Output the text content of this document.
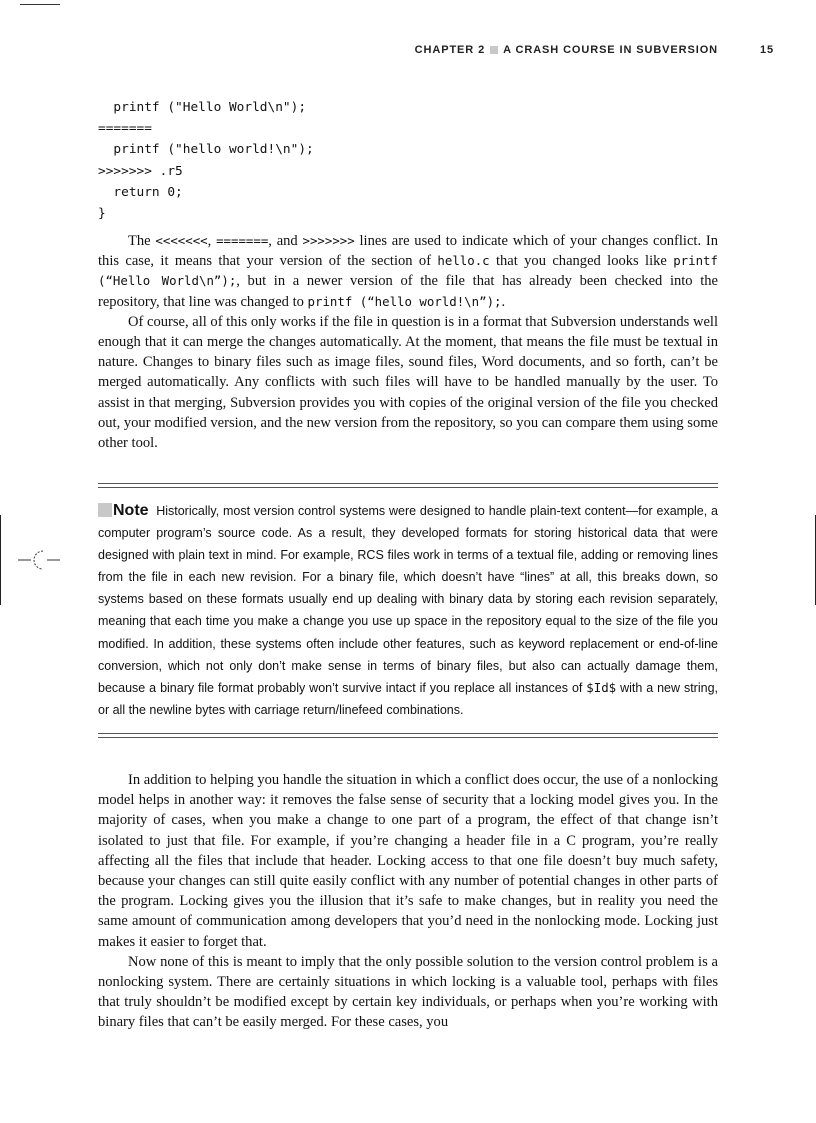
CHAPTER 2 A CRASH COURSE IN SUBVERSION	15
printf ("Hello World\n");
=======
printf ("hello world!\n");
>>>>>>> .r5
return 0;
}

The <<<<<<<, =======, and >>>>>>> lines are used to indicate which of your changes conflict. In this case, it means that your version of the section of hello.c that you changed looks like printf (“Hello World\n”);, but in a newer version of the file that has already been checked into the repository, that line was changed to printf (“hello world!\n”);.

Of course, all of this only works if the file in question is in a format that Subversion understands well enough that it can merge the changes automatically. At the moment, that means the file must be textual in nature. Changes to binary files such as image files, sound files, Word documents, and so forth, can’t be merged automatically. Any conflicts with such files will have to be handled manually by the user. To assist in that merging, Subversion provides you with copies of the original version of the file you checked out, your modified version, and the new version from the repository, so you can compare them using some other tool.

Note Historically, most version control systems were designed to handle plain-text content—for example, a computer program’s source code. As a result, they developed formats for storing historical data that were designed with plain text in mind. For example, RCS files work in terms of a textual file, adding or removing lines from the file in each new revision. For a binary file, which doesn’t have “lines” at all, this breaks down, so systems based on these formats usually end up dealing with binary data by storing each revision separately, meaning that each time you make a change you use up space in the repository equal to the size of the file you modified. In addition, these systems often include other features, such as keyword replacement or end-of-line conversion, which not only don’t make sense in terms of binary files, but also can actually damage them, because a binary file format probably won’t survive intact if you replace all instances of $Id$ with a new string, or all the newline bytes with carriage return/linefeed combinations.

In addition to helping you handle the situation in which a conflict does occur, the use of a nonlocking model helps in another way: it removes the false sense of security that a locking model gives you. In the majority of cases, when you make a change to one part of a program, the effect of that change isn’t isolated to just that file. For example, if you’re changing a header file in a C program, you’re really affecting all the files that include that header. Locking access to that one file doesn’t buy much safety, because your changes can still quite easily conflict with any number of potential changes in other parts of the program. Locking gives you the illusion that it’s safe to make changes, but in reality you need the same amount of communication among developers that you’d need in the nonlocking mode. Locking just makes it easier to forget that.

Now none of this is meant to imply that the only possible solution to the version control problem is a nonlocking system. There are certainly situations in which locking is a valuable tool, perhaps with files that truly shouldn’t be modified except by certain key individuals, or perhaps when you’re working with binary files that can’t be easily merged. For these cases, you
